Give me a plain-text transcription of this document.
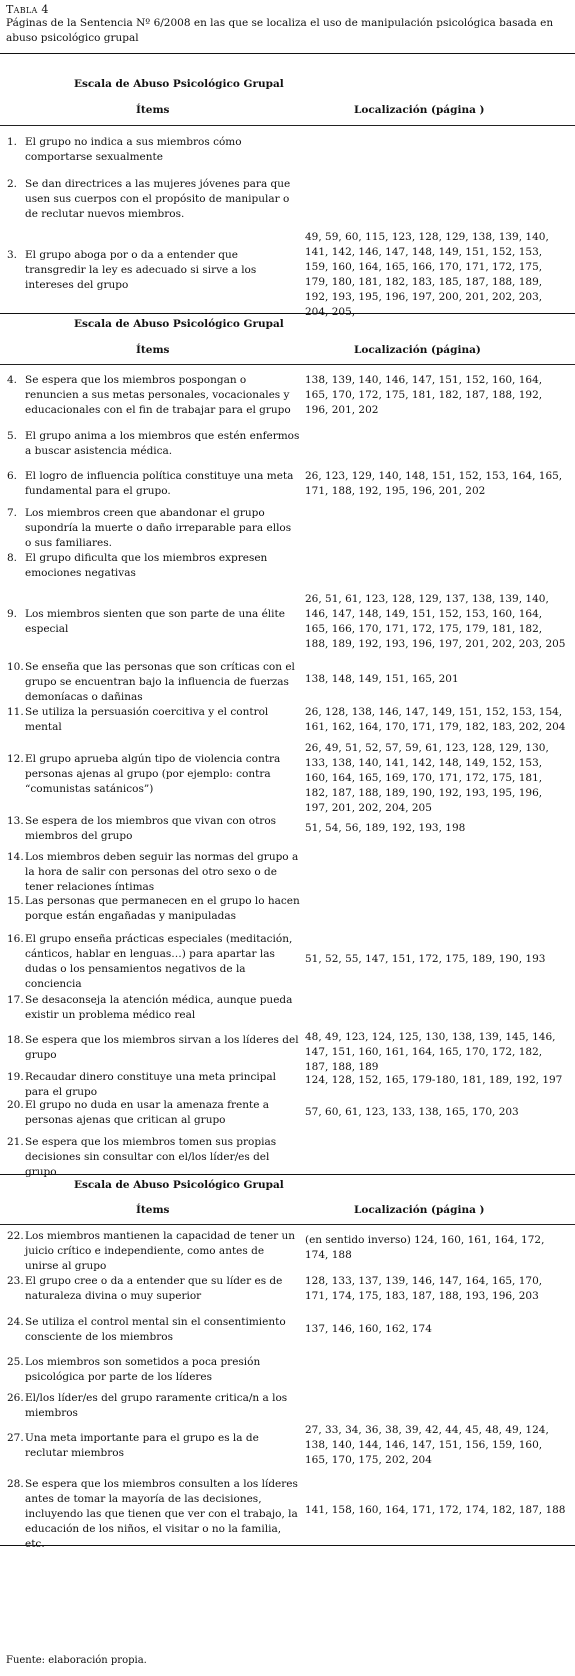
Tabla 4
Páginas de la Sentencia Nº 6/2008 en las que se localiza el uso de manipulación psicológica basada en abuso psicológico grupal
Escala de Abuso Psicológico Grupal
Ítems	Localización (página )
1. El grupo no indica a sus miembros cómo comportarse sexualmente
2. Se dan directrices a las mujeres jóvenes para que usen sus cuerpos con el propósito de manipular o de reclutar nuevos miembros.
3. El grupo aboga por o da a entender que transgredir la ley es adecuado si sirve a los intereses del grupo
49, 59, 60, 115, 123, 128, 129, 138, 139, 140, 141, 142, 146, 147, 148, 149, 151, 152, 153, 159, 160, 164, 165, 166, 170, 171, 172, 175, 179, 180, 181, 182, 183, 185, 187, 188, 189, 192, 193, 195, 196, 197, 200, 201, 202, 203, 204, 205,
Escala de Abuso Psicológico Grupal
Ítems	Localización (página)
4. Se espera que los miembros pospongan o renuncien a sus metas personales, vocacionales y educacionales con el fin de trabajar para el grupo
138, 139, 140, 146, 147, 151, 152, 160, 164, 165, 170, 172, 175, 181, 182, 187, 188, 192, 196, 201, 202
5. El grupo anima a los miembros que estén enfermos a buscar asistencia médica.
6. El logro de influencia política constituye una meta fundamental para el grupo.
26, 123, 129, 140, 148, 151, 152, 153, 164, 165, 171, 188, 192, 195, 196, 201, 202
7. Los miembros creen que abandonar el grupo supondría la muerte o daño irreparable para ellos o sus familiares.
8. El grupo dificulta que los miembros expresen emociones negativas
9. Los miembros sienten que son parte de una élite especial
26, 51, 61, 123, 128, 129, 137, 138, 139, 140, 146, 147, 148, 149, 151, 152, 153, 160, 164, 165, 166, 170, 171, 172, 175, 179, 181, 182, 188, 189, 192, 193, 196, 197, 201, 202, 203, 205
10. Se enseña que las personas que son críticas con el grupo se encuentran bajo la influencia de fuerzas demoníacas o dañinas
138, 148, 149, 151, 165, 201
11. Se utiliza la persuasión coercitiva y el control mental
26, 128, 138, 146, 147, 149, 151, 152, 153, 154, 161, 162, 164, 170, 171, 179, 182, 183, 202, 204
12. El grupo aprueba algún tipo de violencia contra personas ajenas al grupo (por ejemplo: contra “comunistas satánicos”)
26, 49, 51, 52, 57, 59, 61, 123, 128, 129, 130, 133, 138, 140, 141, 142, 148, 149, 152, 153, 160, 164, 165, 169, 170, 171, 172, 175, 181, 182, 187, 188, 189, 190, 192, 193, 195, 196, 197, 201, 202, 204, 205
13. Se espera de los miembros que vivan con otros miembros del grupo
51, 54, 56, 189, 192, 193, 198
14. Los miembros deben seguir las normas del grupo a la hora de salir con personas del otro sexo o de tener relaciones íntimas
15. Las personas que permanecen en el grupo lo hacen porque están engañadas y manipuladas
16. El grupo enseña prácticas especiales (meditación, cánticos, hablar en lenguas…) para apartar las dudas o los pensamientos negativos de la conciencia
51, 52, 55, 147, 151, 172, 175, 189, 190, 193
17. Se desaconseja la atención médica, aunque pueda existir un problema médico real
18. Se espera que los miembros sirvan a los líderes del grupo
48, 49, 123, 124, 125, 130, 138, 139, 145, 146, 147, 151, 160, 161, 164, 165, 170, 172, 182, 187, 188, 189
19. Recaudar dinero constituye una meta principal para el grupo
124, 128, 152, 165, 179-180, 181, 189, 192, 197
20. El grupo no duda en usar la amenaza frente a personas ajenas que critican al grupo
57, 60, 61, 123, 133, 138, 165, 170, 203
21. Se espera que los miembros tomen sus propias decisiones sin consultar con el/los líder/es del grupo
Escala de Abuso Psicológico Grupal
Ítems	Localización (página )
22. Los miembros mantienen la capacidad de tener un juicio crítico e independiente, como antes de unirse al grupo
(en sentido inverso) 124, 160, 161, 164, 172, 174, 188
23. El grupo cree o da a entender que su líder es de naturaleza divina o muy superior
128, 133, 137, 139, 146, 147, 164, 165, 170, 171, 174, 175, 183, 187, 188, 193, 196, 203
24. Se utiliza el control mental sin el consentimiento consciente de los miembros
137, 146, 160, 162, 174
25. Los miembros son sometidos a poca presión psicológica por parte de los líderes
26. El/los líder/es del grupo raramente critica/n a los miembros
27. Una meta importante para el grupo es la de reclutar miembros
27, 33, 34, 36, 38, 39, 42, 44, 45, 48, 49, 124, 138, 140, 144, 146, 147, 151, 156, 159, 160, 165, 170, 175, 202, 204
28. Se espera que los miembros consulten a los líderes antes de tomar la mayoría de las decisiones, incluyendo las que tienen que ver con el trabajo, la educación de los niños, el visitar o no la familia, etc.
141, 158, 160, 164, 171, 172, 174, 182, 187, 188
Fuente: elaboración propia.
